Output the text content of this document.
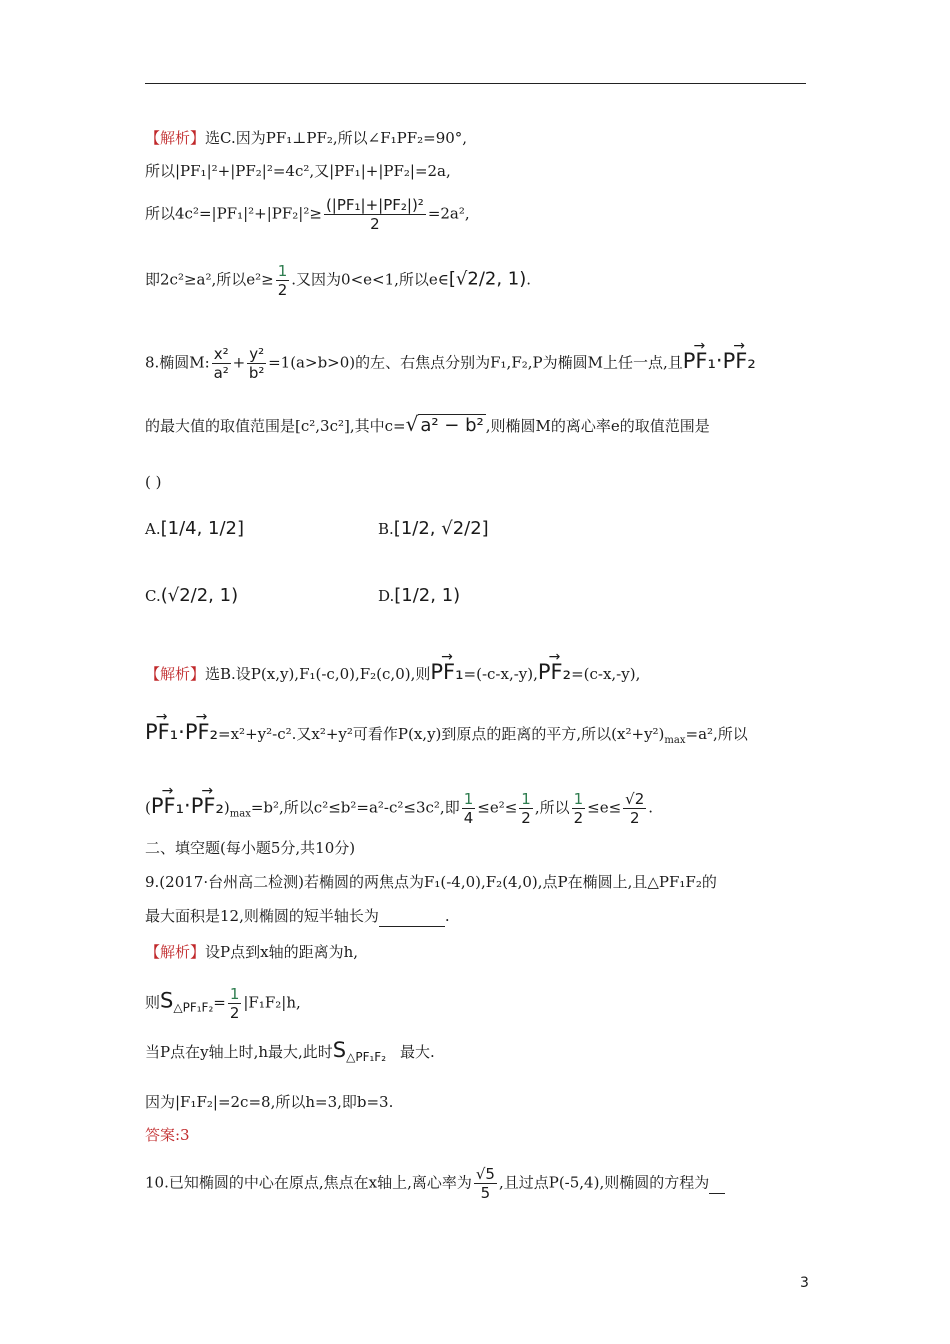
【解析】选C.因为PF₁⊥PF₂,所以∠F₁PF₂=90°,
所以|PF₁|²+|PF₂|²=4c²,又|PF₁|+|PF₂|=2a,
所以$4c^2=|PF_1|^2+|PF_2|^2\ge \frac{\text{(|PF₁|+|PF₂|)²}}{2} =2a^2$,
即2c²≥a²,所以$e^2\ge \frac{1}{2}$ .又因为0<e<1,所以e∈[√2/2, 1).
8.椭圆M: $\frac{\text{x²}}{\text{a²}} + \frac{\text{y²}}{\text{b²}} =1(a>b>0)$的左、右焦点分别为F₁,F₂,P为椭圆M上任一点,且→ PF₁·→ PF₂
的最大值的取值范围是[c²,3c²],其中c=√ a² − b² ,则椭圆M的离心率e的取值范围是
( )
A.[1/4, 1/2]	B.[1/2, √2/2]
C.(√2/2, 1)	D.[1/2, 1)
【解析】选B.设P(x,y),F₁(-c,0),F₂(c,0),则→ PF₁=(-c-x,-y),→ PF₂=(c-x,-y),
→ PF₁·→ PF₂=x²+y²-c².又x²+y²可看作P(x,y)到原点的距离的平方,所以$(x^2+y^2)_{max}=a^2$,所以
(→ $PF_1\cdot\to PF_2)_{max}=b^2$,所以c²≤b²=a²-c²≤3c²,即 $\frac{1}{4} \le e^2\le \frac{1}{2}$ ,所以 $\frac{1}{2} \le e\le \frac{√2}{2}$ .
二、填空题(每小题5分,共10分)
9.(2017·台州高二检测)若椭圆的两焦点为F₁(-4,0),F₂(4,0),点P在椭圆上,且△PF₁F₂的
最大面积是12,则椭圆的短半轴长为	.
【解析】设P点到x轴的距离为h,
则$S_{\triangle PF_1F_2}= \frac{1}{2} |F_1F_2|h$,
当P点在y轴上时,h最大,此时$S_{\triangle PF_1F_2}$ 最大.
因为|F₁F₂|=2c=8,所以h=3,即b=3.
答案:3
10.已知椭圆的中心在原点,焦点在x轴上,离心率为 $\frac{√5}{5}$ ,且过点P(-5,4),则椭圆的方程为
3
